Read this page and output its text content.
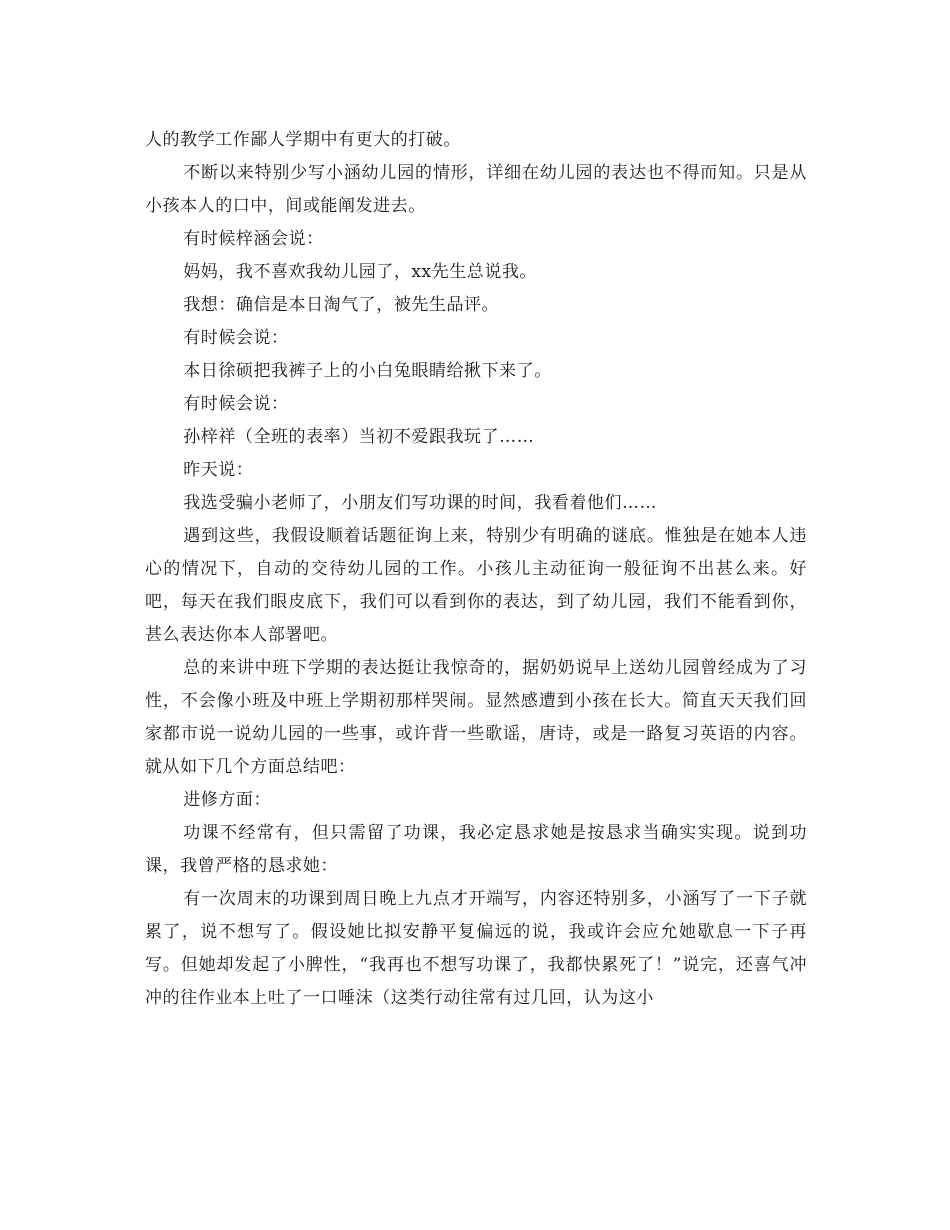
人的教学工作鄙人学期中有更大的打破。

不断以来特别少写小涵幼儿园的情形，详细在幼儿园的表达也不得而知。只是从小孩本人的口中，间或能阐发进去。

有时候梓涵会说：

妈妈，我不喜欢我幼儿园了，xx先生总说我。

我想：确信是本日淘气了，被先生品评。

有时候会说：

本日徐硕把我裤子上的小白兔眼睛给揪下来了。

有时候会说：

孙梓祥（全班的表率）当初不爱跟我玩了……

昨天说：

我选受骗小老师了，小朋友们写功课的时间，我看着他们……

遇到这些，我假设顺着话题征询上来，特别少有明确的谜底。惟独是在她本人违心的情况下，自动的交待幼儿园的工作。小孩儿主动征询一般征询不出甚么来。好吧，每天在我们眼皮底下，我们可以看到你的表达，到了幼儿园，我们不能看到你，甚么表达你本人部署吧。

总的来讲中班下学期的表达挺让我惊奇的，据奶奶说早上送幼儿园曾经成为了习性，不会像小班及中班上学期初那样哭闹。显然感遭到小孩在长大。简直天天我们回家都市说一说幼儿园的一些事，或许背一些歌谣，唐诗，或是一路复习英语的内容。就从如下几个方面总结吧：

进修方面：

功课不经常有，但只需留了功课，我必定恳求她是按恳求当确实实现。说到功课，我曾严格的恳求她：

有一次周末的功课到周日晚上九点才开端写，内容还特别多，小涵写了一下子就累了，说不想写了。假设她比拟安静平复偏远的说，我或许会应允她歇息一下子再写。但她却发起了小脾性，“我再也不想写功课了，我都快累死了！”说完，还喜气冲冲的往作业本上吐了一口唾沫（这类行动往常有过几回，认为这小
